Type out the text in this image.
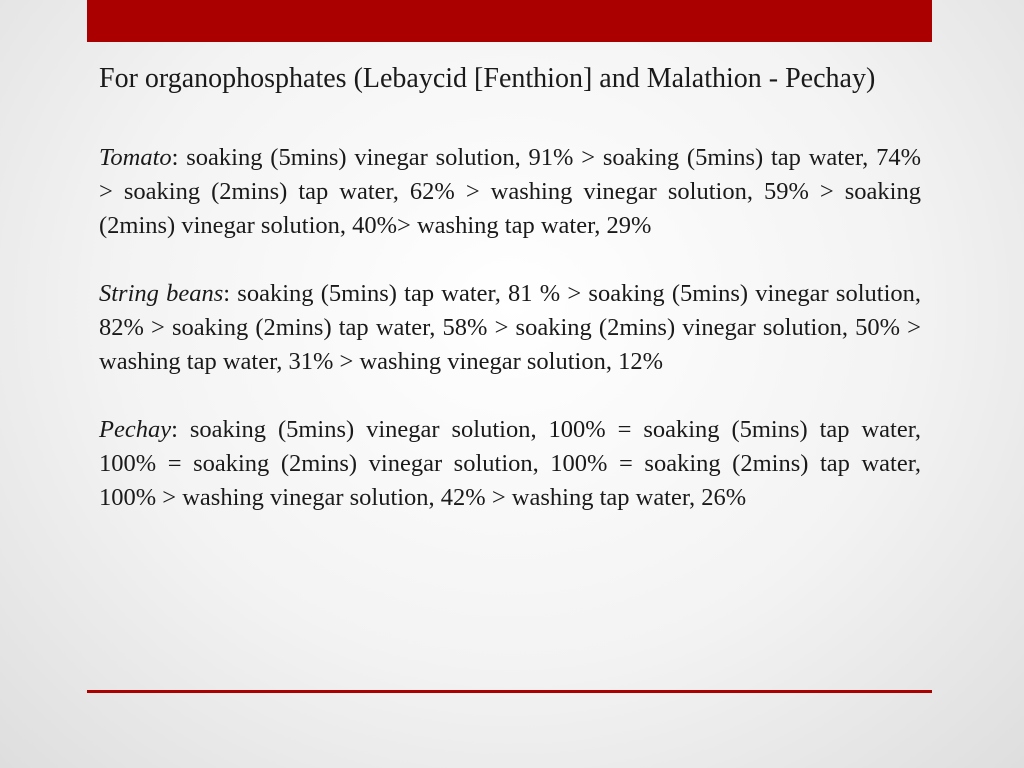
For organophosphates (Lebaycid [Fenthion] and Malathion - Pechay)

Tomato: soaking (5mins) vinegar solution, 91% > soaking (5mins) tap water, 74% > soaking (2mins) tap water, 62% > washing vinegar solution, 59% > soaking (2mins) vinegar solution, 40%> washing tap water, 29%

String beans: soaking (5mins) tap water, 81 % > soaking (5mins) vinegar solution, 82% > soaking (2mins) tap water, 58% > soaking (2mins) vinegar solution, 50% > washing tap water, 31% > washing vinegar solution, 12%

Pechay: soaking (5mins) vinegar solution, 100% = soaking (5mins) tap water, 100% = soaking (2mins) vinegar solution, 100% = soaking (2mins) tap water, 100% > washing vinegar solution, 42% > washing tap water, 26%
